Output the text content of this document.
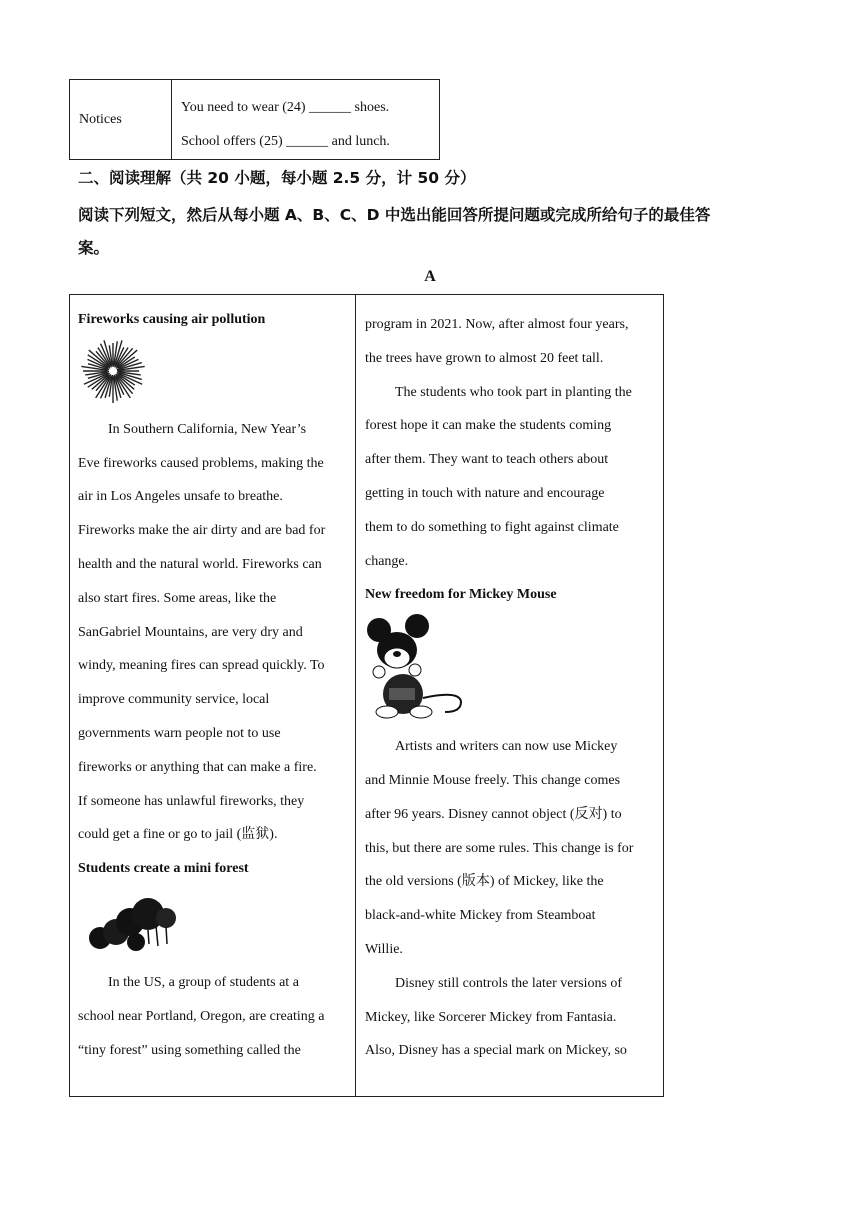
Notices
You need to wear (24) ______ shoes.
School offers (25) ______ and lunch.
二、阅读理解（共 20 小题，每小题 2.5 分，计 50 分）
阅读下列短文，然后从每小题 A、B、C、D 中选出能回答所提问题或完成所给句子的最佳答
案。
A
Fireworks causing air pollution

In Southern California, New Year’s
Eve fireworks caused problems, making the
air in Los Angeles unsafe to breathe.
Fireworks make the air dirty and are bad for
health and the natural world. Fireworks can
also start fires. Some areas, like the
SanGabriel Mountains, are very dry and
windy, meaning fires can spread quickly. To
improve community service, local
governments warn people not to use
fireworks or anything that can make a fire.
If someone has unlawful fireworks, they
could get a fine or go to jail (监狱).

Students create a mini forest

In the US, a group of students at a
school near Portland, Oregon, are creating a
“tiny forest” using something called the

program in 2021. Now, after almost four years,
the trees have grown to almost 20 feet tall.

The students who took part in planting the
forest hope it can make the students coming
after them. They want to teach others about
getting in touch with nature and encourage
them to do something to fight against climate
change.

New freedom for Mickey Mouse

Artists and writers can now use Mickey
and Minnie Mouse freely. This change comes
after 96 years. Disney cannot object (反对) to
this, but there are some rules. This change is for
the old versions (版本) of Mickey, like the
black-and-white Mickey from Steamboat
Willie.

Disney still controls the later versions of
Mickey, like Sorcerer Mickey from Fantasia.
Also, Disney has a special mark on Mickey, so
